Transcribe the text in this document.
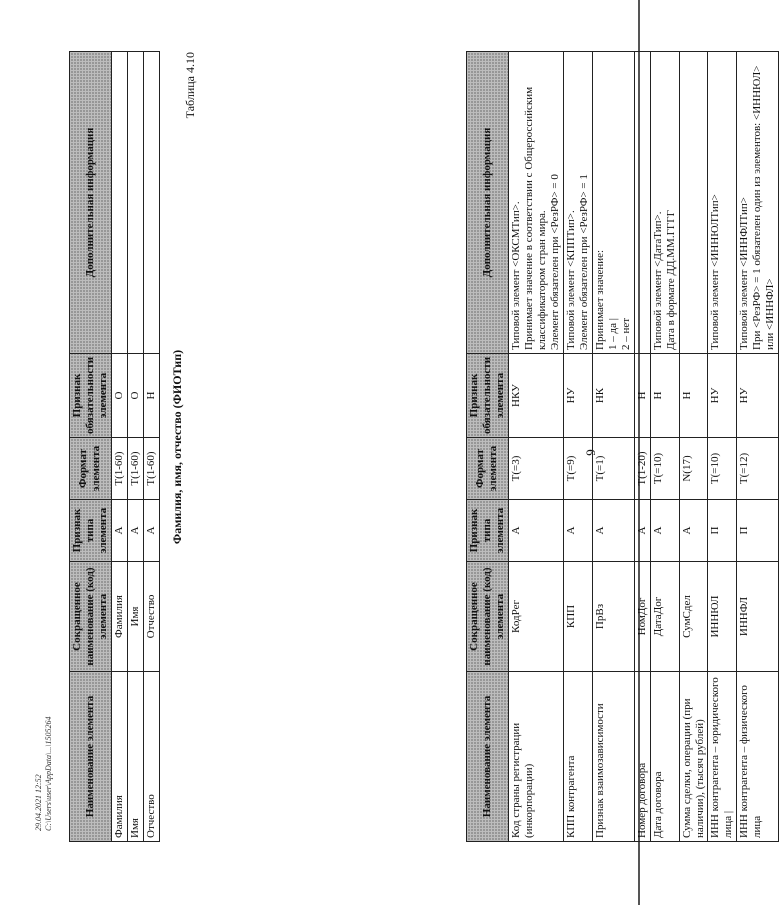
9
Наименование элемента	Сокращенное наименование (код) элемента	Признак типа элемента	Формат элемента	Признак обязательности элемента	Дополнительная информация
Код страны регистрации (инкорпорации)	КодРег	А	T(=3)	НКУ	Типовой элемент <ОКСМТип>. Принимает значение в соответствии с Общероссийским классификатором стран мира. Элемент обязателен при <РезРФ> = 0

КПП контрагента	КПП	А	T(=9)	НУ	Типовой элемент <КППТип>. Элемент обязателен при <РезРФ> = 1

Признак взаимозависимости	ПрВз	А	T(=1)	НК	Принимает значение: 1 – да | 2 – нет

Номер договора	НомДог	А	T(1-20)	Н	
Дата договора	ДатаДог	А	T(=10)	Н	Типовой элемент <ДатаТип>. Дата в формате ДД.ММ.ГГГГ

Сумма сделки, операции (при наличии), (тысяч рублей)	СумСдел	А	N(17)	Н	
ИНН контрагента – юридического лица |	ИННЮЛ	П	T(=10)	НУ	Типовой элемент <ИННЮЛТип>

ИНН контрагента – физического лица	ИННФЛ	П	T(=12)	НУ	Типовой элемент <ИННФЛТип> При <РезРФ> = 1 обязателен один из элементов: <ИННЮЛ> или <ИННФЛ>
Таблица 4.10
Фамилия, имя, отчество (ФИОТип)
Наименование элемента	Сокращенное наименование (код) элемента	Признак типа элемента	Формат элемента	Признак обязательности элемента	Дополнительная информация
Фамилия	Фамилия	А	T(1-60)	О	
Имя	Имя	А	T(1-60)	О	
Отчество	Отчество	А	T(1-60)	Н	
29.04.2021 12:52 C:\Users\user\AppData\...\1505264
